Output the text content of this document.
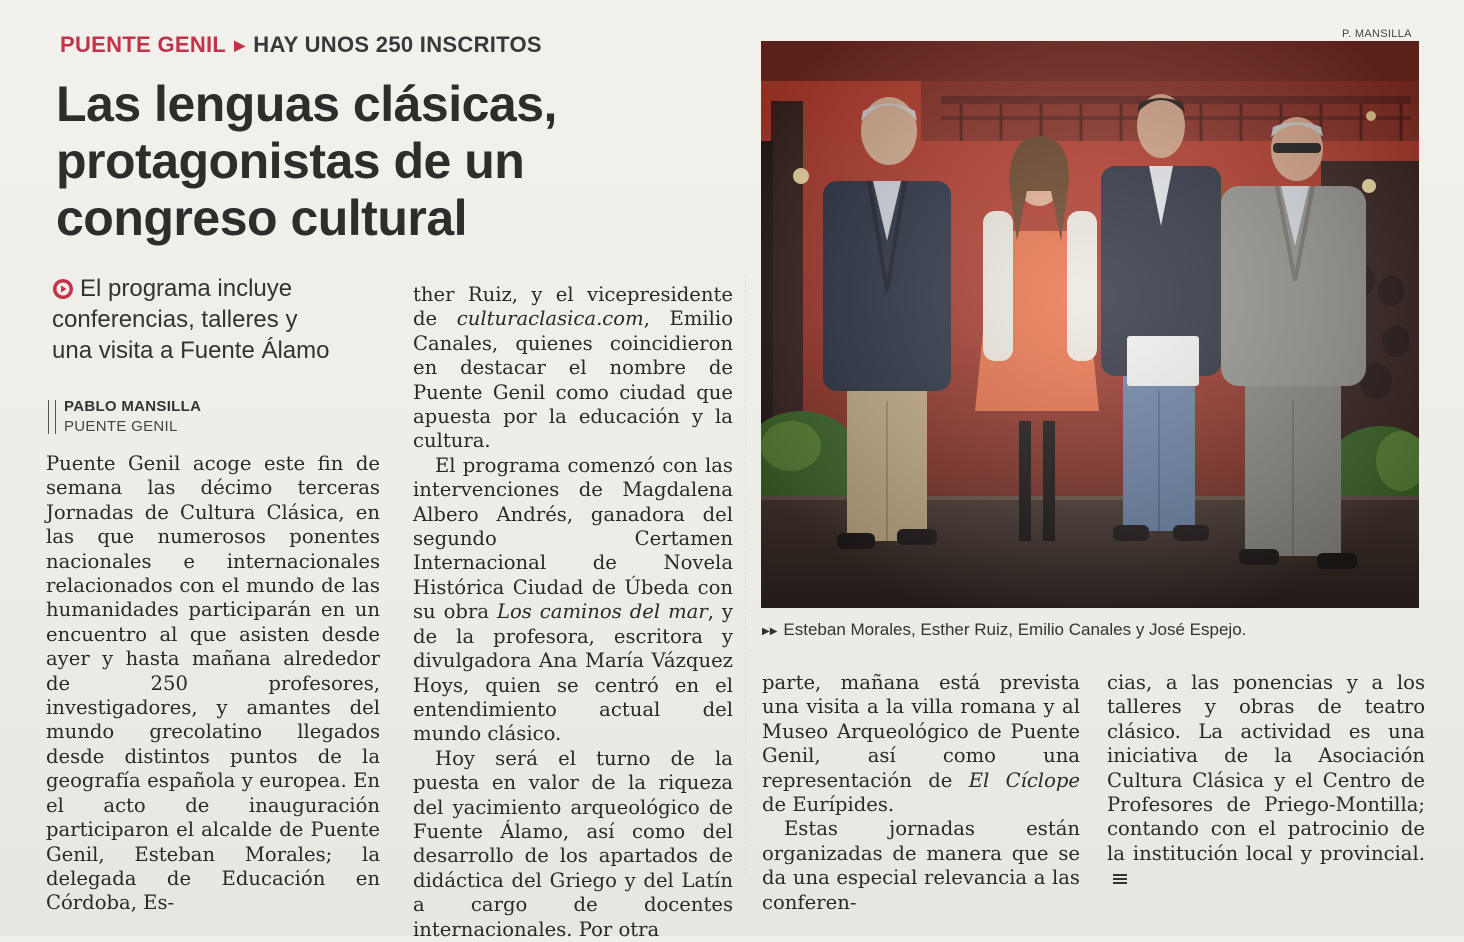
PUENTE GENIL ▶ HAY UNOS 250 INSCRITOS
Las lenguas clásicas,
protagonistas de un
congreso cultural

El programa incluye
conferencias, talleres y
una visita a Fuente Álamo

PABLO MANSILLA
PUENTE GENIL

Puente Genil acoge este fin de semana las décimo terceras Jornadas de Cultura Clásica, en las que numerosos ponentes nacionales e internacionales relacionados con el mundo de las humanidades participarán en un encuentro al que asisten desde ayer y hasta mañana alrededor de 250 profesores, investigadores, y amantes del mundo grecolatino llegados desde distintos puntos de la geografía española y europea. En el acto de inauguración participaron el alcalde de Puente Genil, Esteban Morales; la delegada de Educación en Córdoba, Es-

ther Ruiz, y el vicepresidente de culturaclasica.com, Emilio Canales, quienes coincidieron en destacar el nombre de Puente Genil como ciudad que apuesta por la educación y la cultura.

El programa comenzó con las intervenciones de Magdalena Albero Andrés, ganadora del segundo Certamen Internacional de Novela Histórica Ciudad de Úbeda con su obra Los caminos del mar, y de la profesora, escritora y divulgadora Ana María Vázquez Hoys, quien se centró en el entendimiento actual del mundo clásico.

Hoy será el turno de la puesta en valor de la riqueza del yacimiento arqueológico de Fuente Álamo, así como del desarrollo de los apartados de didáctica del Griego y del Latín a cargo de docentes internacionales. Por otra

P. MANSILLA
▶▶ Esteban Morales, Esther Ruiz, Emilio Canales y José Espejo.

parte, mañana está prevista una visita a la villa romana y al Museo Arqueológico de Puente Genil, así como una representación de El Cíclope de Eurípides.

Estas jornadas están organizadas de manera que se da una especial relevancia a las conferen-

cias, a las ponencias y a los talleres y obras de teatro clásico. La actividad es una iniciativa de la Asociación Cultura Clásica y el Centro de Profesores de Priego-Montilla; contando con el patrocinio de la institución local y provincial.
